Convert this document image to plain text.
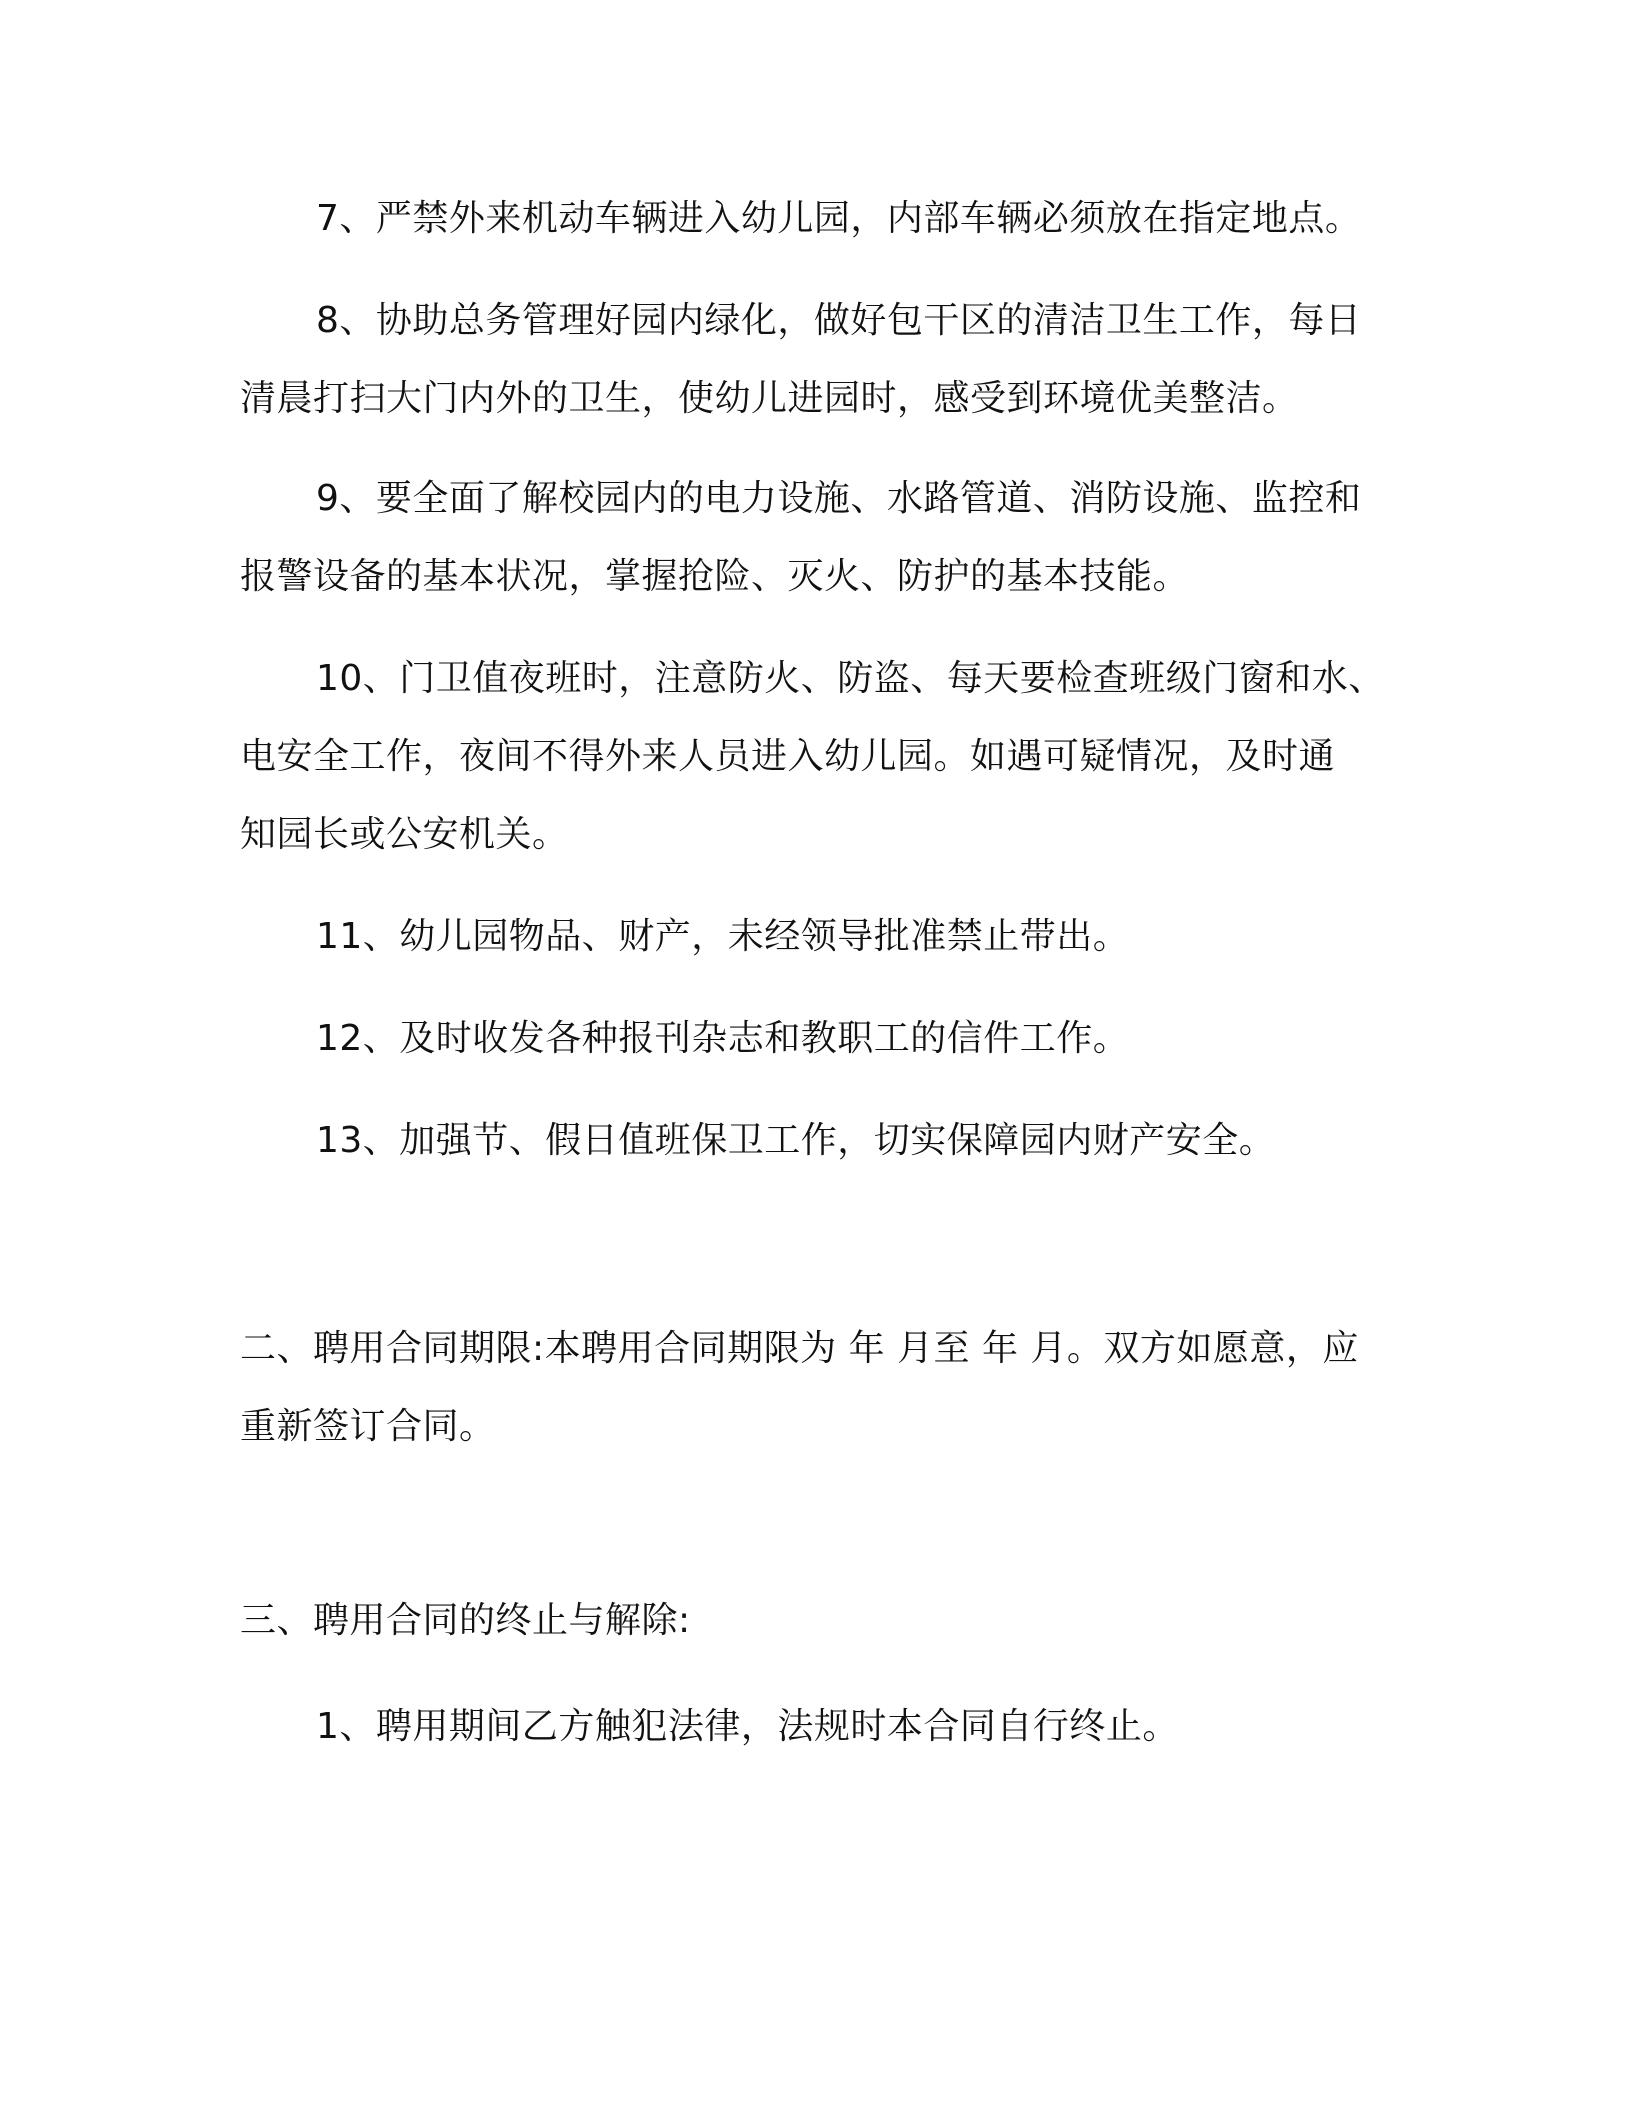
7、严禁外来机动车辆进入幼儿园，内部车辆必须放在指定地点。

8、协助总务管理好园内绿化，做好包干区的清洁卫生工作，每日
清晨打扫大门内外的卫生，使幼儿进园时，感受到环境优美整洁。

9、要全面了解校园内的电力设施、水路管道、消防设施、监控和
报警设备的基本状况，掌握抢险、灭火、防护的基本技能。

10、门卫值夜班时，注意防火、防盗、每天要检查班级门窗和水、
电安全工作，夜间不得外来人员进入幼儿园。如遇可疑情况，及时通
知园长或公安机关。

11、幼儿园物品、财产，未经领导批准禁止带出。

12、及时收发各种报刊杂志和教职工的信件工作。

13、加强节、假日值班保卫工作，切实保障园内财产安全。

二、聘用合同期限:本聘用合同期限为 年 月至 年 月。双方如愿意，应
重新签订合同。

三、聘用合同的终止与解除:

1、聘用期间乙方触犯法律，法规时本合同自行终止。
